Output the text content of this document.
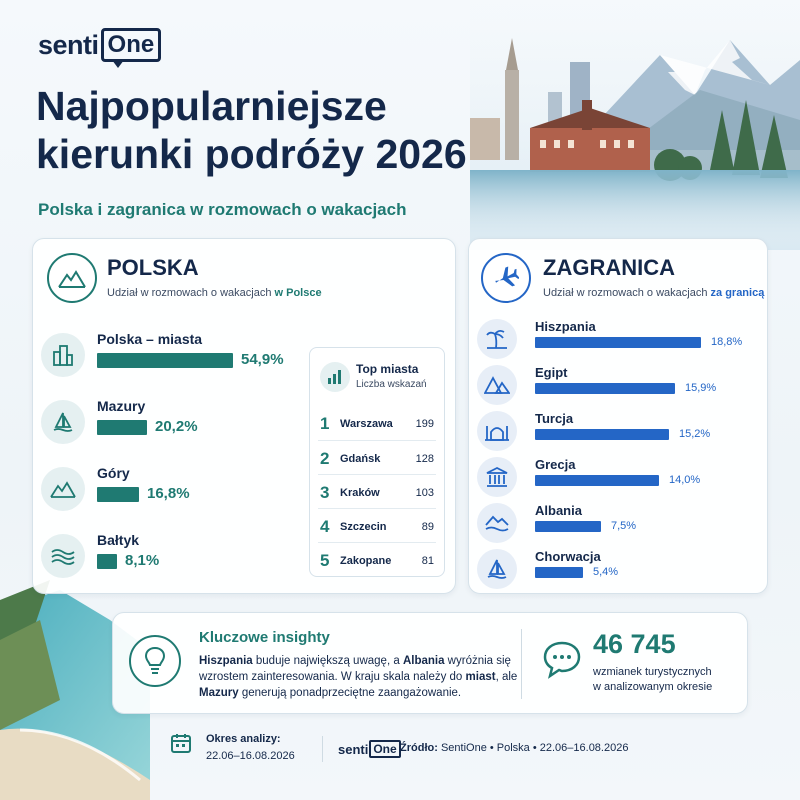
senti One
Najpopularniejsze
kierunki podróży 2026
Polska i zagranica w rozmowach o wakacjach
POLSKA
Udział w rozmowach o wakacjach w Polsce
Polska – miasta
54,9%
Mazury
20,2%
Góry
16,8%
Bałtyk
8,1%
Top miasta
Liczba wskazań
1 Warszawa 199
2 Gdańsk	128
3 Kraków	103
4 Szczecin	89
5 Zakopane	81
ZAGRANICA
Udział w rozmowach o wakacjach za granicą
Hiszpania
18,8%
Egipt
15,9%
Turcja
15,2%
Grecja
14,0%
Albania
7,5%
Chorwacja
5,4%
Kluczowe insighty
Hiszpania buduje największą uwagę, a Albania wyróżnia się wzrostem zainteresowania. W kraju skala należy do miast, ale Mazury generują ponadprzeciętne zaangażowanie.
46 745
wzmianek turystycznych
w analizowanym okresie
Okres analizy:
22.06–16.08.2026	senti One Źródło: SentiOne • Polska • 22.06–16.08.2026
